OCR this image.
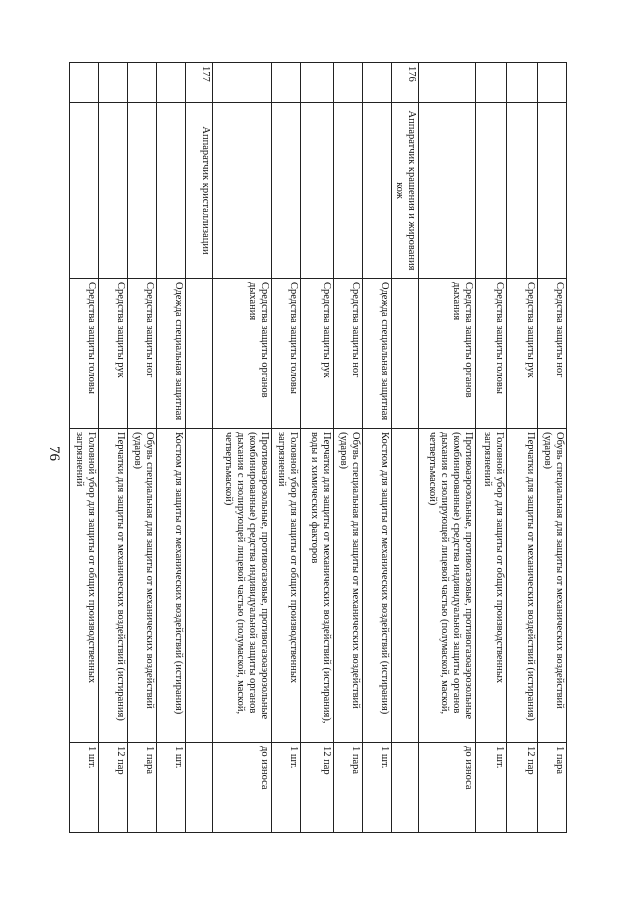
76
		Средства защиты ног	Обувь специальная для защиты от механических воздействий (ударов)	1 пара
		Средства защиты рук	Перчатки для защиты от механических воздействий (истирания)	12 пар
		Средства защиты головы	Головной убор для защиты от общих производственных загрязнений	1 шт.
		Средства защиты органов дыхания	Противоаэрозольные, противогазовые, противогазоаэрозольные (комбинированные) средства индивидуальной защиты органов дыхания с изолирующей лицевой частью (полумаской, маской, четвертьмаской)	до износа
176	Аппаратчик крашения и жирования кож			
		Одежда специальная защитная	Костюм для защиты от механических воздействий (истирания)	1 шт.
		Средства защиты ног	Обувь специальная для защиты от механических воздействий (ударов)	1 пара
		Средства защиты рук	Перчатки для защиты от механических воздействий (истирания), воды и химических факторов	12 пар
		Средства защиты головы	Головной убор для защиты от общих производственных загрязнений	1 шт.
		Средства защиты органов дыхания	Противоаэрозольные, противогазовые, противогазоаэрозольные (комбинированные) средства индивидуальной защиты органов дыхания с изолирующей лицевой частью (полумаской, маской, четвертьмаской)	до износа
177	Аппаратчик кристаллизации			
		Одежда специальная защитная	Костюм для защиты от механических воздействий (истирания)	1 шт.
		Средства защиты ног	Обувь специальная для защиты от механических воздействий (ударов)	1 пара
		Средства защиты рук	Перчатки для защиты от механических воздействий (истирания)	12 пар
		Средства защиты головы	Головной убор для защиты от общих производственных загрязнений	1 шт.
